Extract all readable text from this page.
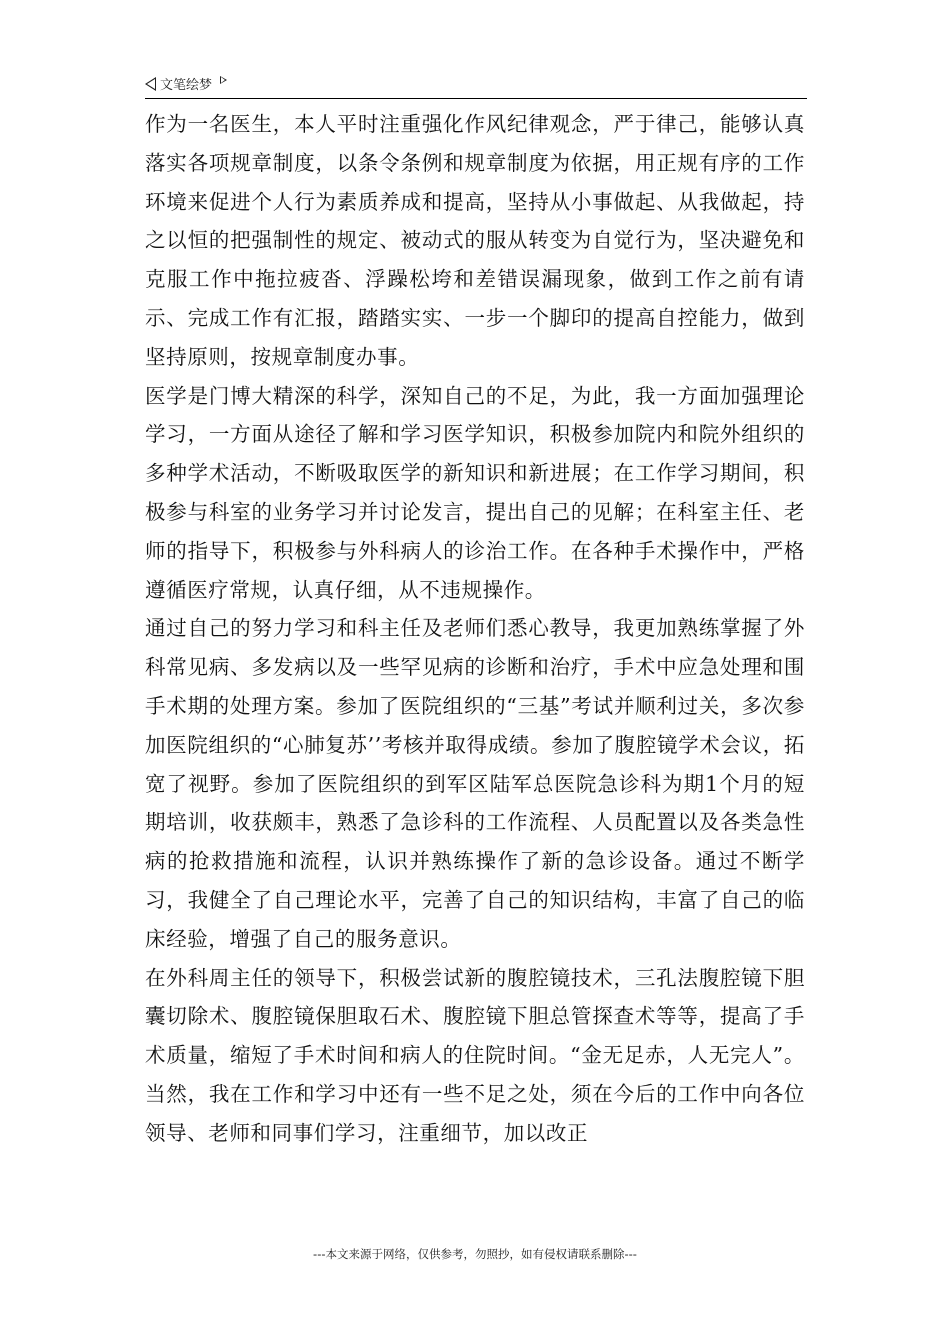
文笔绘梦

作为一名医生，本人平时注重强化作风纪律观念，严于律己，能够认真落实各项规章制度，以条令条例和规章制度为依据，用正规有序的工作环境来促进个人行为素质养成和提高，坚持从小事做起、从我做起，持之以恒的把强制性的规定、被动式的服从转变为自觉行为，坚决避免和克服工作中拖拉疲沓、浮躁松垮和差错误漏现象，做到工作之前有请示、完成工作有汇报，踏踏实实、一步一个脚印的提高自控能力，做到坚持原则，按规章制度办事。

医学是门博大精深的科学，深知自己的不足，为此，我一方面加强理论学习，一方面从途径了解和学习医学知识，积极参加院内和院外组织的多种学术活动，不断吸取医学的新知识和新进展；在工作学习期间，积极参与科室的业务学习并讨论发言，提出自己的见解；在科室主任、老师的指导下，积极参与外科病人的诊治工作。在各种手术操作中，严格遵循医疗常规，认真仔细，从不违规操作。

通过自己的努力学习和科主任及老师们悉心教导，我更加熟练掌握了外科常见病、多发病以及一些罕见病的诊断和治疗，手术中应急处理和围手术期的处理方案。参加了医院组织的“三基”考试并顺利过关，多次参加医院组织的“心肺复苏’’考核并取得成绩。参加了腹腔镜学术会议，拓宽了视野。参加了医院组织的到军区陆军总医院急诊科为期1个月的短期培训，收获颇丰，熟悉了急诊科的工作流程、人员配置以及各类急性病的抢救措施和流程，认识并熟练操作了新的急诊设备。通过不断学习，我健全了自己理论水平，完善了自己的知识结构，丰富了自己的临床经验，增强了自己的服务意识。

在外科周主任的领导下，积极尝试新的腹腔镜技术，三孔法腹腔镜下胆囊切除术、腹腔镜保胆取石术、腹腔镜下胆总管探查术等等，提高了手术质量，缩短了手术时间和病人的住院时间。“金无足赤，人无完人”。当然，我在工作和学习中还有一些不足之处，须在今后的工作中向各位领导、老师和同事们学习，注重细节，加以改正

---本文来源于网络，仅供参考，勿照抄，如有侵权请联系删除---
